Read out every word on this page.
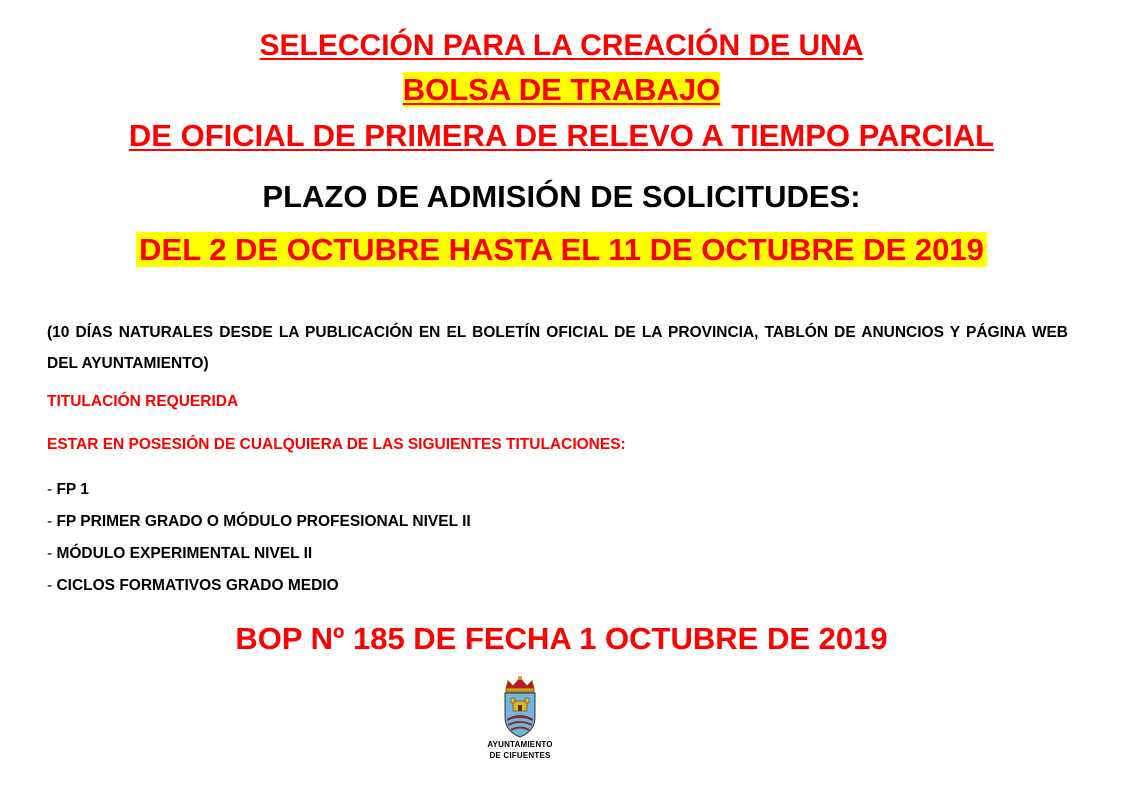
SELECCIÓN PARA LA CREACIÓN DE UNA
BOLSA DE TRABAJO
DE OFICIAL DE PRIMERA DE RELEVO A TIEMPO PARCIAL
PLAZO DE ADMISIÓN DE SOLICITUDES:
DEL 2 DE OCTUBRE HASTA EL 11 DE OCTUBRE DE 2019
(10 DÍAS NATURALES DESDE LA PUBLICACIÓN EN EL BOLETÍN OFICIAL DE LA PROVINCIA, TABLÓN DE ANUNCIOS Y PÁGINA WEB DEL AYUNTAMIENTO)
TITULACIÓN REQUERIDA
ESTAR EN POSESIÓN DE CUALQUIERA DE LAS SIGUIENTES TITULACIONES:
- FP 1
- FP PRIMER GRADO O MÓDULO PROFESIONAL NIVEL II
- MÓDULO EXPERIMENTAL NIVEL II
- CICLOS FORMATIVOS GRADO MEDIO
BOP Nº 185 DE FECHA 1 OCTUBRE DE 2019
AYUNTAMIENTO
DE CIFUENTES
